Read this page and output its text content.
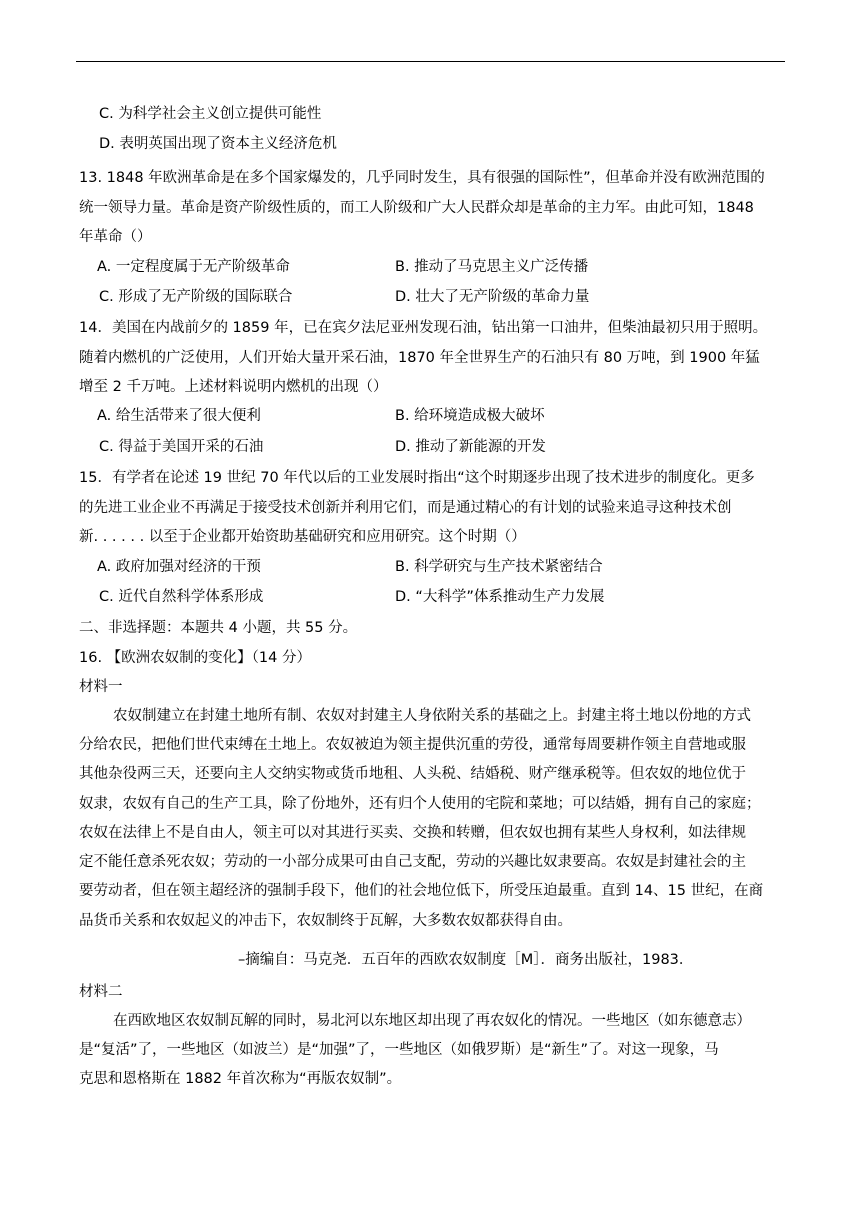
C. 为科学社会主义创立提供可能性
D. 表明英国出现了资本主义经济危机
13. 1848 年欧洲革命是在多个国家爆发的，几乎同时发生，具有很强的国际性”，但革命并没有欧洲范围的
统一领导力量。革命是资产阶级性质的，而工人阶级和广大人民群众却是革命的主力军。由此可知，1848
年革命（）
A. 一定程度属于无产阶级革命	B. 推动了马克思主义广泛传播
C. 形成了无产阶级的国际联合	D. 壮大了无产阶级的革命力量
14．美国在内战前夕的 1859 年，已在宾夕法尼亚州发现石油，钻出第一口油井，但柴油最初只用于照明。
随着内燃机的广泛使用，人们开始大量开采石油，1870 年全世界生产的石油只有 80 万吨，到 1900 年猛
增至 2 千万吨。上述材料说明内燃机的出现（）
A. 给生活带来了很大便利	B. 给环境造成极大破坏
C. 得益于美国开采的石油	D. 推动了新能源的开发
15．有学者在论述 19 世纪 70 年代以后的工业发展时指出“这个时期逐步出现了技术进步的制度化。更多
的先进工业企业不再满足于接受技术创新并利用它们，而是通过精心的有计划的试验来追寻这种技术创
新. . . . . . 以至于企业都开始资助基础研究和应用研究。这个时期（）
A. 政府加强对经济的干预	B. 科学研究与生产技术紧密结合
C. 近代自然科学体系形成	D. “大科学”体系推动生产力发展
二、非选择题：本题共 4 小题，共 55 分。
16. 【欧洲农奴制的变化】（14 分）
材料一
农奴制建立在封建土地所有制、农奴对封建主人身依附关系的基础之上。封建主将土地以份地的方式
分给农民，把他们世代束缚在土地上。农奴被迫为领主提供沉重的劳役，通常每周要耕作领主自营地或服
其他杂役两三天，还要向主人交纳实物或货币地租、人头税、结婚税、财产继承税等。但农奴的地位优于
奴隶，农奴有自己的生产工具，除了份地外，还有归个人使用的宅院和菜地；可以结婚，拥有自己的家庭；
农奴在法律上不是自由人，领主可以对其进行买卖、交换和转赠，但农奴也拥有某些人身权利，如法律规
定不能任意杀死农奴；劳动的一小部分成果可由自己支配，劳动的兴趣比奴隶要高。农奴是封建社会的主
要劳动者，但在领主超经济的强制手段下，他们的社会地位低下，所受压迫最重。直到 14、15 世纪，在商
品货币关系和农奴起义的冲击下，农奴制终于瓦解，大多数农奴都获得自由。
–摘编自：马克尧．五百年的西欧农奴制度［M］．商务出版社，1983．
材料二
在西欧地区农奴制瓦解的同时，易北河以东地区却出现了再农奴化的情况。一些地区（如东德意志）
是“复活”了，一些地区（如波兰）是“加强”了，一些地区（如俄罗斯）是“新生”了。对这一现象，马
克思和恩格斯在 1882 年首次称为“再版农奴制”。
